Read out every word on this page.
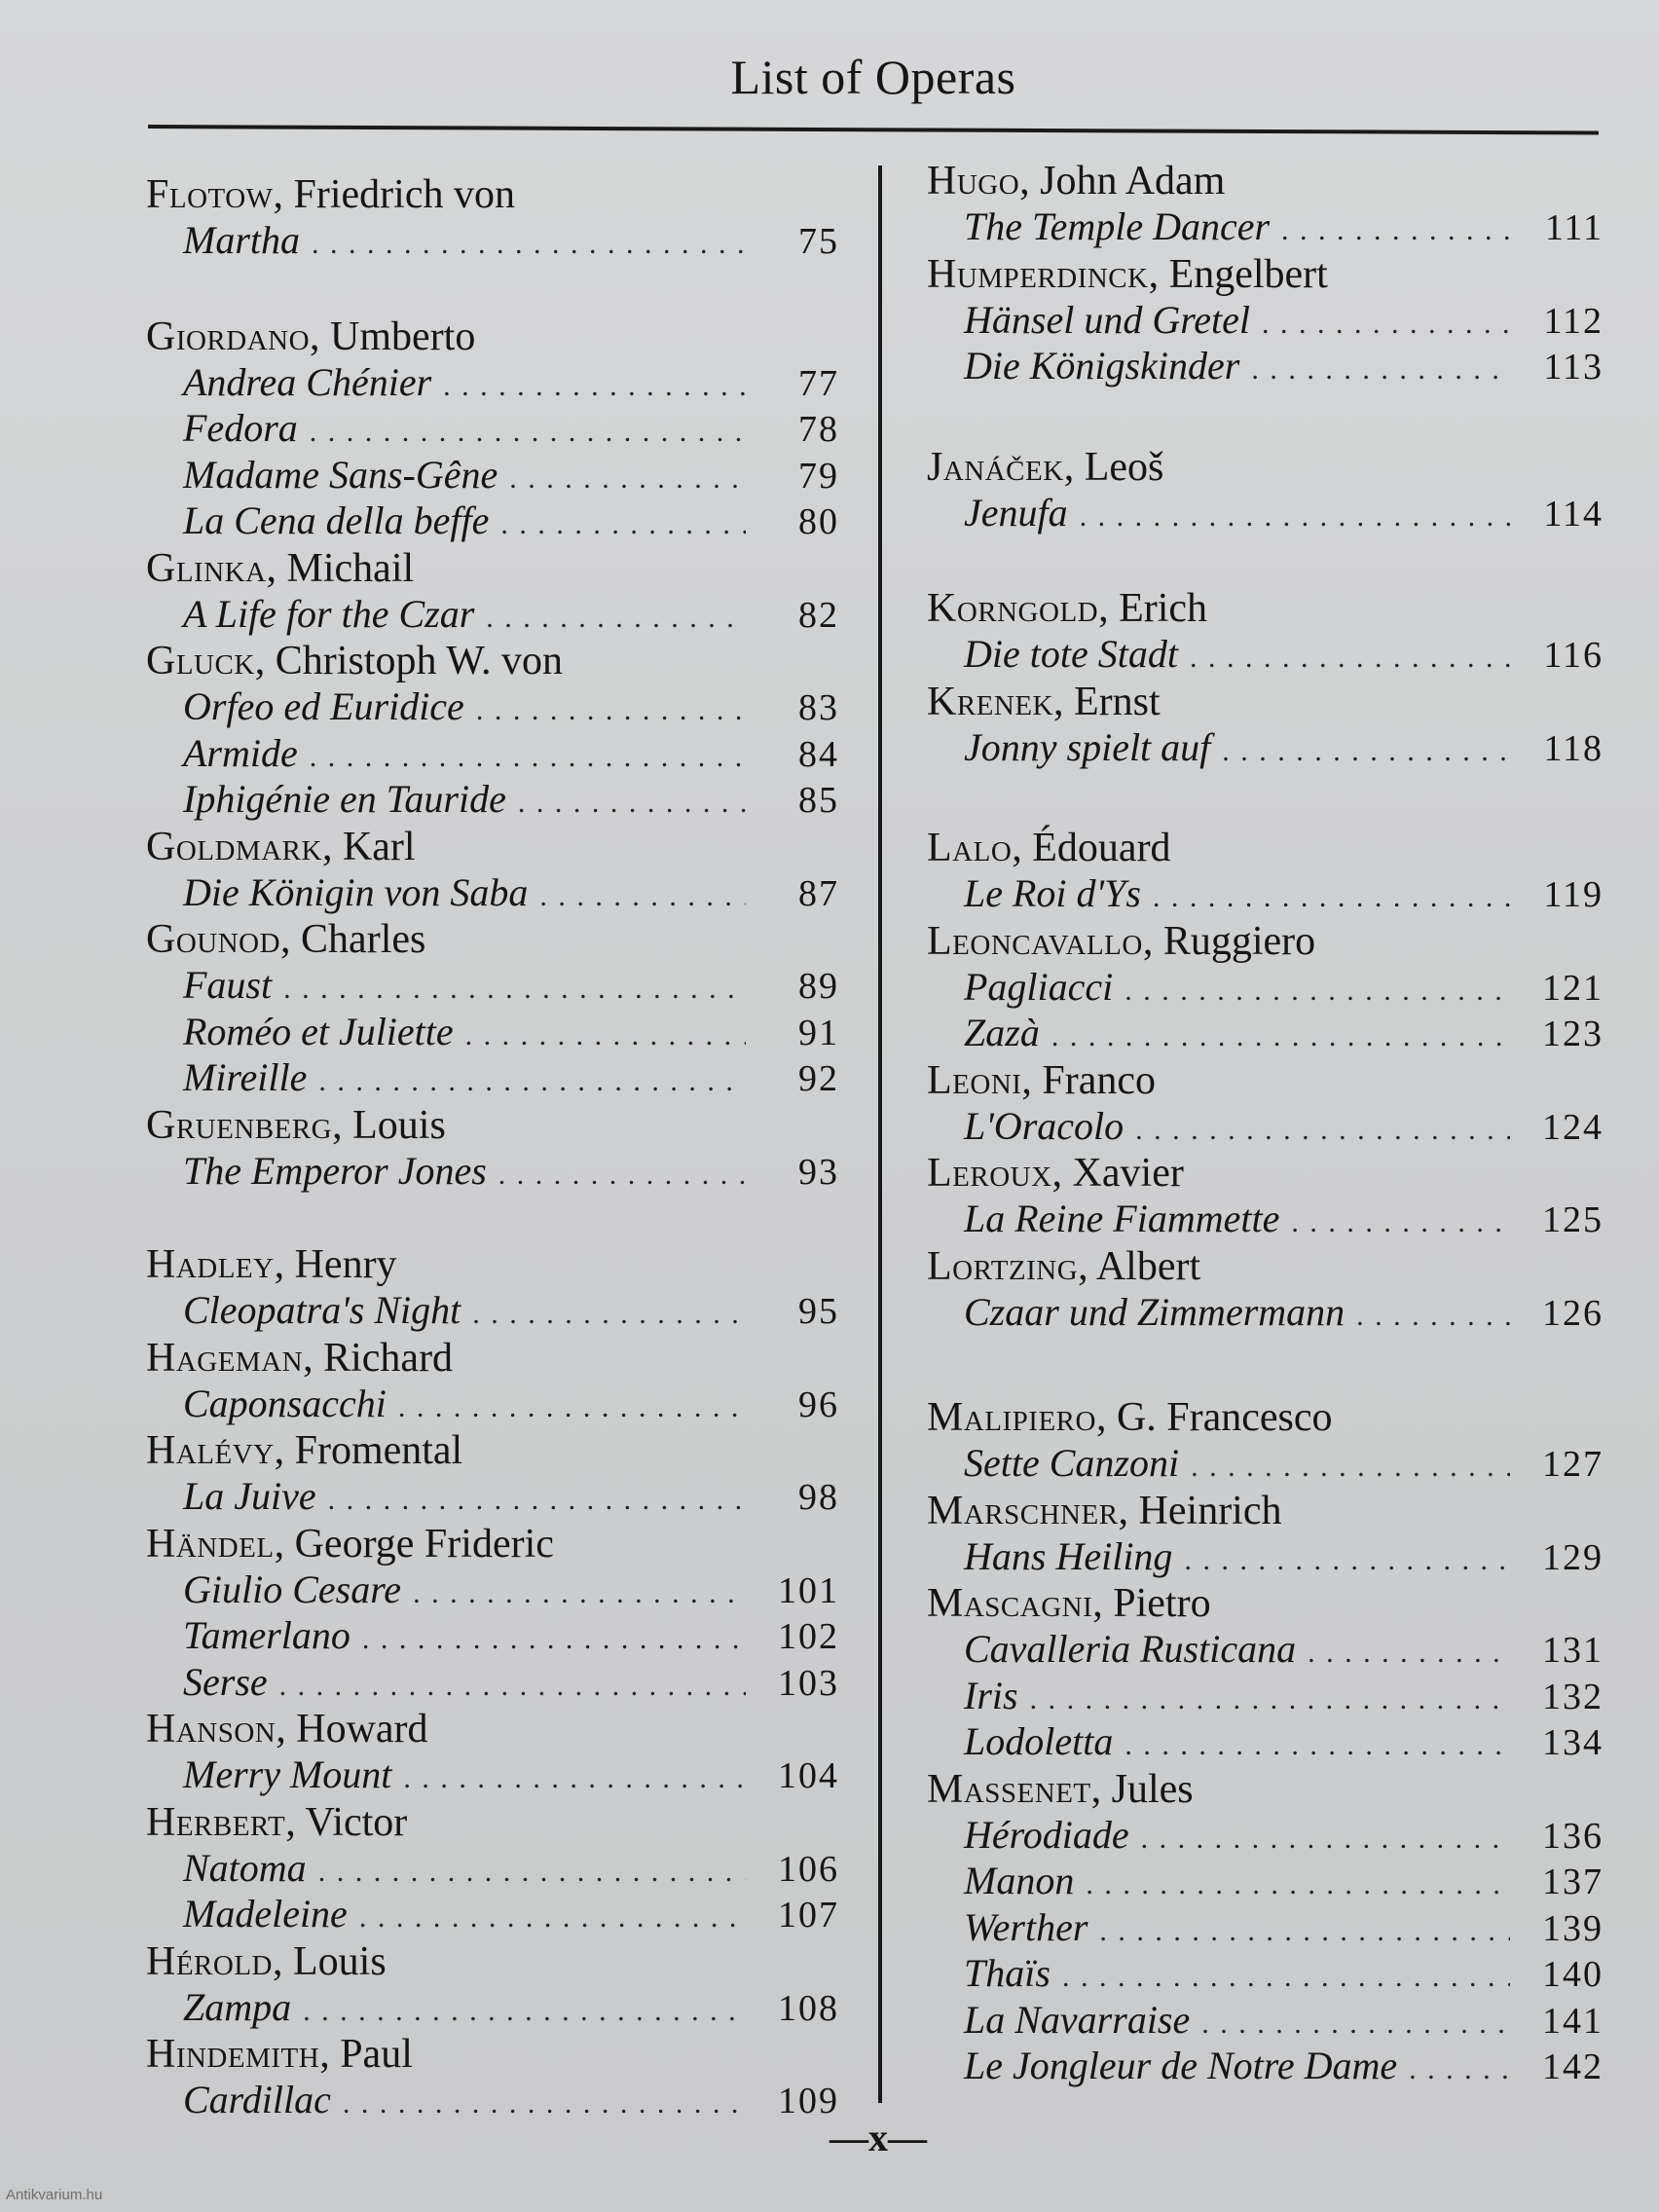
List of Operas
Flotow, Friedrich von
Martha . . .	75
Giordano, Umberto
Andrea Chénier . . .	77
Fedora . . .	78
Madame Sans-Gêne . . .	79
La Cena della beffe . . .	80
Glinka, Michail
A Life for the Czar . . .	82
Gluck, Christoph W. von
Orfeo ed Euridice . . .	83
Armide . . .	84
Iphigénie en Tauride . . .	85
Goldmark, Karl
Die Königin von Saba . . .	87
Gounod, Charles
Faust . . .	89
Roméo et Juliette . . .	91
Mireille . . .	92
Gruenberg, Louis
The Emperor Jones . . .	93
Hadley, Henry
Cleopatra's Night . . .	95
Hageman, Richard
Caponsacchi . . .	96
Halévy, Fromental
La Juive . . .	98
Händel, George Frideric
Giulio Cesare . . .	101
Tamerlano . . .	102
Serse . . .	103
Hanson, Howard
Merry Mount . . .	104
Herbert, Victor
Natoma . . .	106
Madeleine . . .	107
Hérold, Louis
Zampa . . .	108
Hindemith, Paul
Cardillac . . .	109
Hugo, John Adam
The Temple Dancer . . .	111
Humperdinck, Engelbert
Hänsel und Gretel . . .	112
Die Königskinder . . .	113
Janáček, Leoš
Jenufa . . .	114
Korngold, Erich
Die tote Stadt . . .	116
Krenek, Ernst
Jonny spielt auf . . .	118
Lalo, Édouard
Le Roi d'Ys . . .	119
Leoncavallo, Ruggiero
Pagliacci . . .	121
Zazà . . .	123
Leoni, Franco
L'Oracolo . . .	124
Leroux, Xavier
La Reine Fiammette . . .	125
Lortzing, Albert
Czaar und Zimmermann . . .	126
Malipiero, G. Francesco
Sette Canzoni . . .	127
Marschner, Heinrich
Hans Heiling . . .	129
Mascagni, Pietro
Cavalleria Rusticana . . .	131
Iris . . .	132
Lodoletta . . .	134
Massenet, Jules
Hérodiade . . .	136
Manon . . .	137
Werther . . .	139
Thaïs . . .	140
La Navarraise . . .	141
Le Jongleur de Notre Dame . . .	142
—x—
Antikvarium.hu
